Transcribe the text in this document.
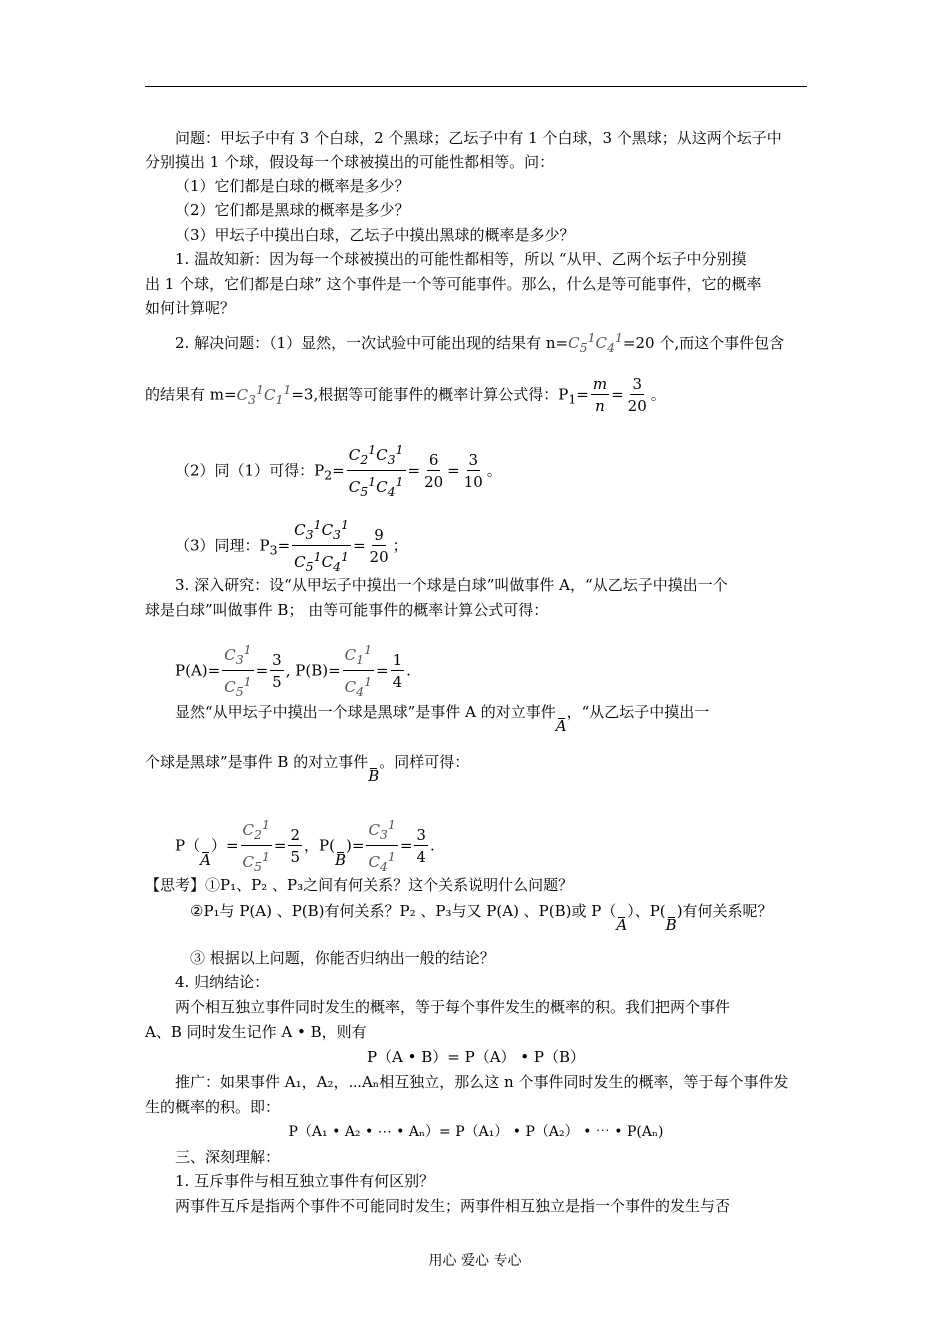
问题：甲坛子中有 3 个白球，2 个黑球；乙坛子中有 1 个白球，3 个黑球；从这两个坛子中
分别摸出 1 个球，假设每一个球被摸出的可能性都相等。问：
（1）它们都是白球的概率是多少？
（2）它们都是黑球的概率是多少？
（3）甲坛子中摸出白球，乙坛子中摸出黑球的概率是多少？
1. 温故知新：因为每一个球被摸出的可能性都相等，所以 “从甲、乙两个坛子中分别摸
出 1 个球，它们都是白球” 这个事件是一个等可能事件。那么，什么是等可能事件，它的概率
如何计算呢？
2. 解决问题：（1）显然，一次试验中可能出现的结果有 $n=C_5^1C_4^1=20$ 个,而这个事件包含
的结果有 $m=C_3^1C_1^1=3$,根据等可能事件的概率计算公式得：$P_1= \frac{m}{n} = \frac{3}{20}$ 。
（2）同（1）可得：$P_2= \frac{C_2^1C_3^1}{C_5^1C_4^1} = \frac{6}{20} = \frac{3}{10}$ 。
（3）同理：$P_3= \frac{C_3^1C_3^1}{C_5^1C_4^1} = \frac{9}{20}$ ；
3. 深入研究：设“从甲坛子中摸出一个球是白球”叫做事件 A，“从乙坛子中摸出一个
球是白球”叫做事件 B； 由等可能事件的概率计算公式可得：
$P(A)= \frac{C_3^1}{C_5^1} = \frac{3}{5}$ , $P(B)= \frac{C_1^1}{C_4^1} = \frac{1}{4}$ .
显然“从甲坛子中摸出一个球是黑球”是事件 A 的对立事件A，“从乙坛子中摸出一
个球是黑球”是事件 B 的对立事件B。同样可得：
$P(A)= \frac{C_2^1}{C_5^1} = \frac{2}{5}$ ，$P(B)= \frac{C_3^1}{C_4^1} = \frac{3}{4}$ .
【思考】①P₁、P₂ 、P₃之间有何关系？这个关系说明什么问题？
②P₁与 P(A) 、P(B)有何关系？P₂ 、P₃与又 P(A) 、P(B)或 P（A）、P(B)有何关系呢？
③ 根据以上问题，你能否归纳出一般的结论？
4. 归纳结论：
两个相互独立事件同时发生的概率，等于每个事件发生的概率的积。我们把两个事件
A、B 同时发生记作 A • B，则有
P（A • B）= P（A） • P（B）
推广：如果事件 A₁，A₂，⋯Aₙ相互独立，那么这 n 个事件同时发生的概率，等于每个事件发
生的概率的积。即：
P（A₁ • A₂ • ⋯ • Aₙ）= P（A₁） • P（A₂） • ⋯ • P(Aₙ)
三、深刻理解：
1. 互斥事件与相互独立事件有何区别？
两事件互斥是指两个事件不可能同时发生；两事件相互独立是指一个事件的发生与否
用心 爱心 专心
